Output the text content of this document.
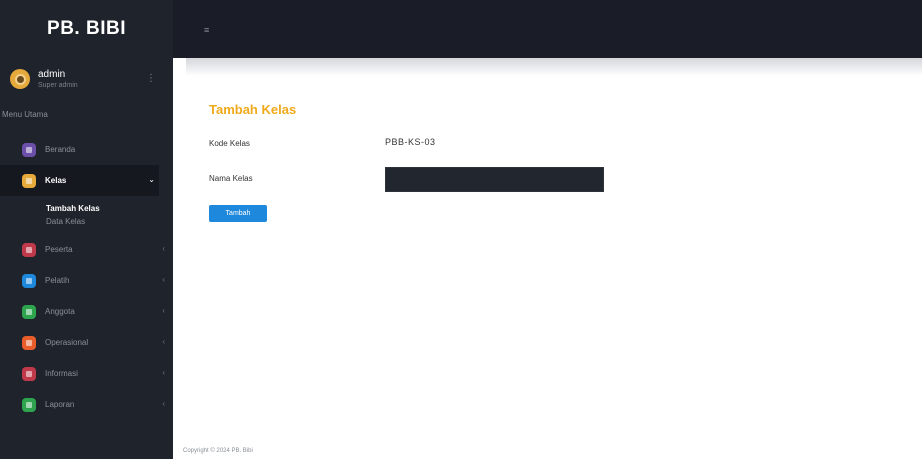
PB. BIBI
admin
Super admin
⋮
Menu Utama
Beranda
Kelas	⌄
Tambah Kelas
Data Kelas
Peserta	‹
Pelatih	‹
Anggota	‹
Operasional	‹
Informasi	‹
Laporan	‹
≡
Tambah Kelas
Kode Kelas	PBB-KS-03
Nama Kelas
Tambah
Copyright © 2024 PB. Bibi
